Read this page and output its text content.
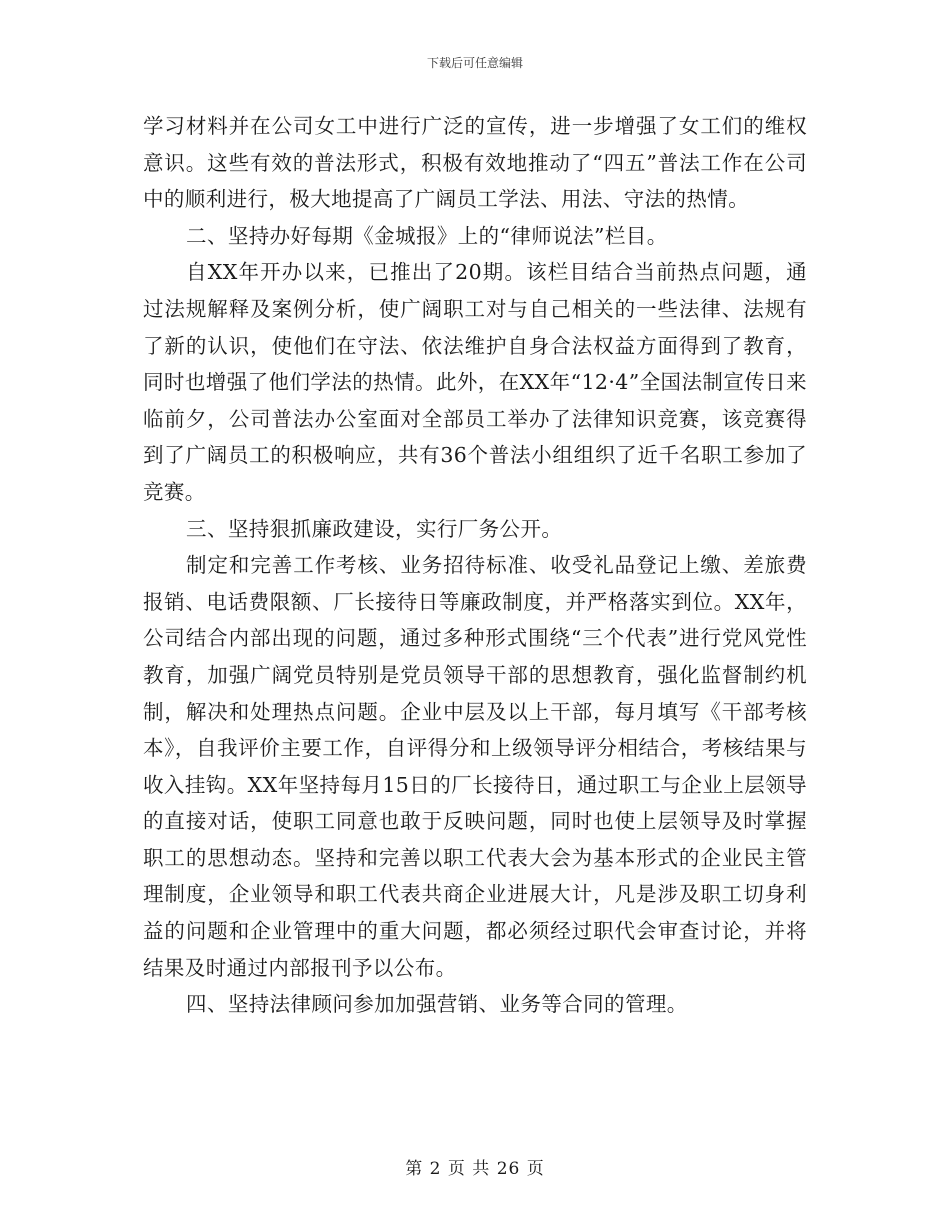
下载后可任意编辑

学习材料并在公司女工中进行广泛的宣传，进一步增强了女工们的维权意识。这些有效的普法形式，积极有效地推动了“四五”普法工作在公司中的顺利进行，极大地提高了广阔员工学法、用法、守法的热情。

二、坚持办好每期《金城报》上的“律师说法”栏目。

自XX年开办以来，已推出了20期。该栏目结合当前热点问题，通过法规解释及案例分析，使广阔职工对与自己相关的一些法律、法规有了新的认识，使他们在守法、依法维护自身合法权益方面得到了教育，同时也增强了他们学法的热情。此外，在XX年“12·4”全国法制宣传日来临前夕，公司普法办公室面对全部员工举办了法律知识竞赛，该竞赛得到了广阔员工的积极响应，共有36个普法小组组织了近千名职工参加了竞赛。

三、坚持狠抓廉政建设，实行厂务公开。

制定和完善工作考核、业务招待标准、收受礼品登记上缴、差旅费报销、电话费限额、厂长接待日等廉政制度，并严格落实到位。XX年，公司结合内部出现的问题，通过多种形式围绕“三个代表”进行党风党性教育，加强广阔党员特别是党员领导干部的思想教育，强化监督制约机制，解决和处理热点问题。企业中层及以上干部，每月填写《干部考核本》，自我评价主要工作，自评得分和上级领导评分相结合，考核结果与收入挂钩。XX年坚持每月15日的厂长接待日，通过职工与企业上层领导的直接对话，使职工同意也敢于反映问题，同时也使上层领导及时掌握职工的思想动态。坚持和完善以职工代表大会为基本形式的企业民主管理制度，企业领导和职工代表共商企业进展大计，凡是涉及职工切身利益的问题和企业管理中的重大问题，都必须经过职代会审查讨论，并将结果及时通过内部报刊予以公布。

四、坚持法律顾问参加加强营销、业务等合同的管理。

第 2 页 共 26 页
